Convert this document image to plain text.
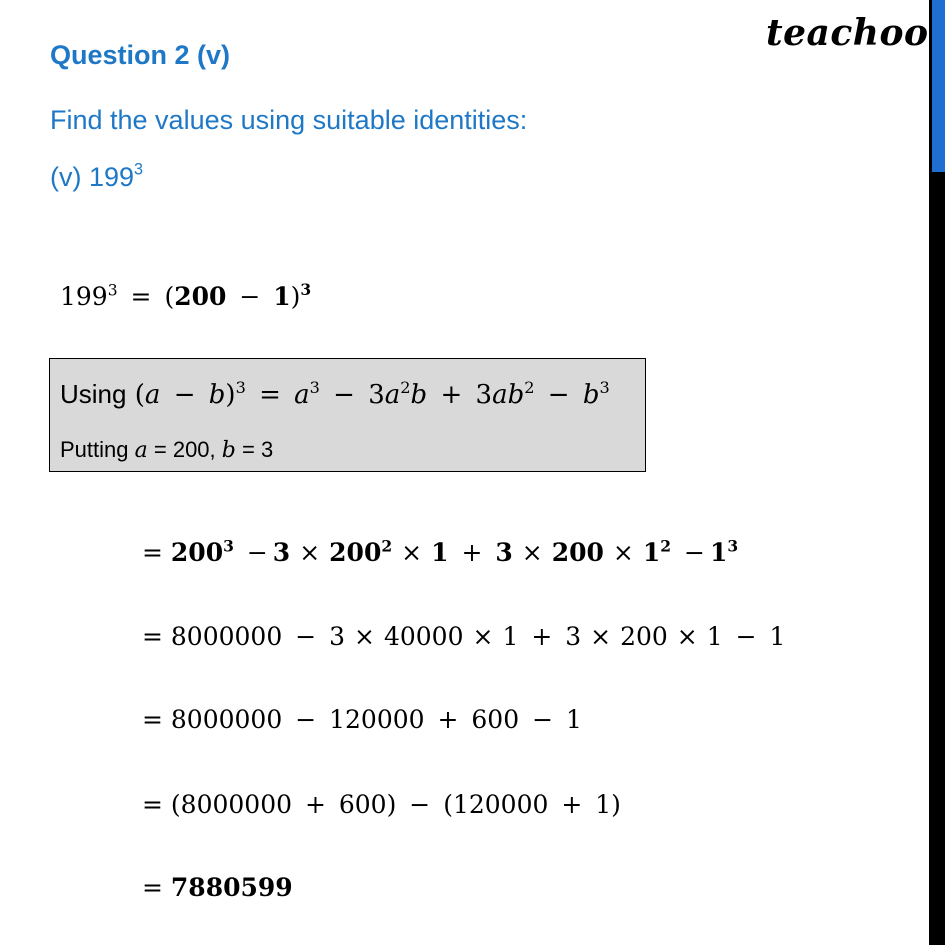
teachoo
Question 2 (v)
Find the values using suitable identities:
(v) $199^3$
$199^3 = (200 - 1)^3$
Using $(a - b)^3 = a^3 - 3a^2b + 3ab^2 - b^3$
Putting a = 200, b = 3
= $200^3 - 3 \times 200^2 \times 1 + 3 \times 200 \times 1^2 - 1^3$
= 8000000 − 3 × 40000 × 1 + 3 × 200 × 1 − 1
= 8000000 − 120000 + 600 − 1
= (8000000 + 600) − (120000 + 1)
= 7880599
